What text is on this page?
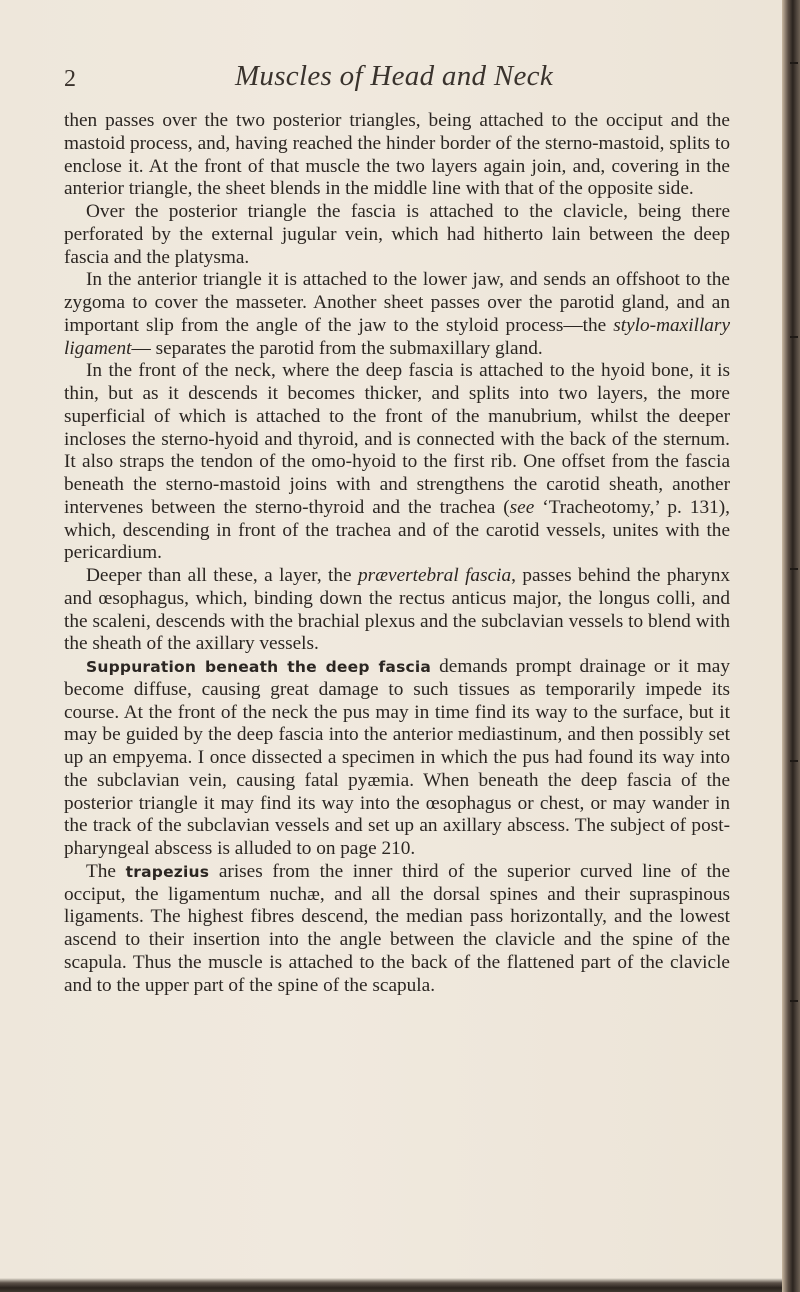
2	Muscles of Head and Neck

then passes over the two posterior triangles, being attached to the occiput and the mastoid process, and, having reached the hinder border of the sterno-mastoid, splits to enclose it. At the front of that muscle the two layers again join, and, covering in the anterior triangle, the sheet blends in the middle line with that of the opposite side.

Over the posterior triangle the fascia is attached to the clavicle, being there perforated by the external jugular vein, which had hitherto lain between the deep fascia and the platysma.

In the anterior triangle it is attached to the lower jaw, and sends an offshoot to the zygoma to cover the masseter. Another sheet passes over the parotid gland, and an important slip from the angle of the jaw to the styloid process—the stylo-maxillary ligament— separates the parotid from the submaxillary gland.

In the front of the neck, where the deep fascia is attached to the hyoid bone, it is thin, but as it descends it becomes thicker, and splits into two layers, the more superficial of which is attached to the front of the manubrium, whilst the deeper incloses the sterno-hyoid and thyroid, and is connected with the back of the sternum. It also straps the tendon of the omo-hyoid to the first rib. One offset from the fascia beneath the sterno-mastoid joins with and strengthens the carotid sheath, another intervenes between the sterno-thyroid and the trachea (see ‘Tracheotomy,’ p. 131), which, descending in front of the trachea and of the carotid vessels, unites with the pericardium.

Deeper than all these, a layer, the prævertebral fascia, passes behind the pharynx and œsophagus, which, binding down the rectus anticus major, the longus colli, and the scaleni, descends with the brachial plexus and the subclavian vessels to blend with the sheath of the axillary vessels.

Suppuration beneath the deep fascia demands prompt drainage or it may become diffuse, causing great damage to such tissues as temporarily impede its course. At the front of the neck the pus may in time find its way to the surface, but it may be guided by the deep fascia into the anterior mediastinum, and then possibly set up an empyema. I once dissected a specimen in which the pus had found its way into the subclavian vein, causing fatal pyæmia. When beneath the deep fascia of the posterior triangle it may find its way into the œsophagus or chest, or may wander in the track of the subclavian vessels and set up an axillary abscess. The subject of post-pharyngeal abscess is alluded to on page 210.

The trapezius arises from the inner third of the superior curved line of the occiput, the ligamentum nuchæ, and all the dorsal spines and their supraspinous ligaments. The highest fibres descend, the median pass horizontally, and the lowest ascend to their insertion into the angle between the clavicle and the spine of the scapula. Thus the muscle is attached to the back of the flattened part of the clavicle and to the upper part of the spine of the scapula.
